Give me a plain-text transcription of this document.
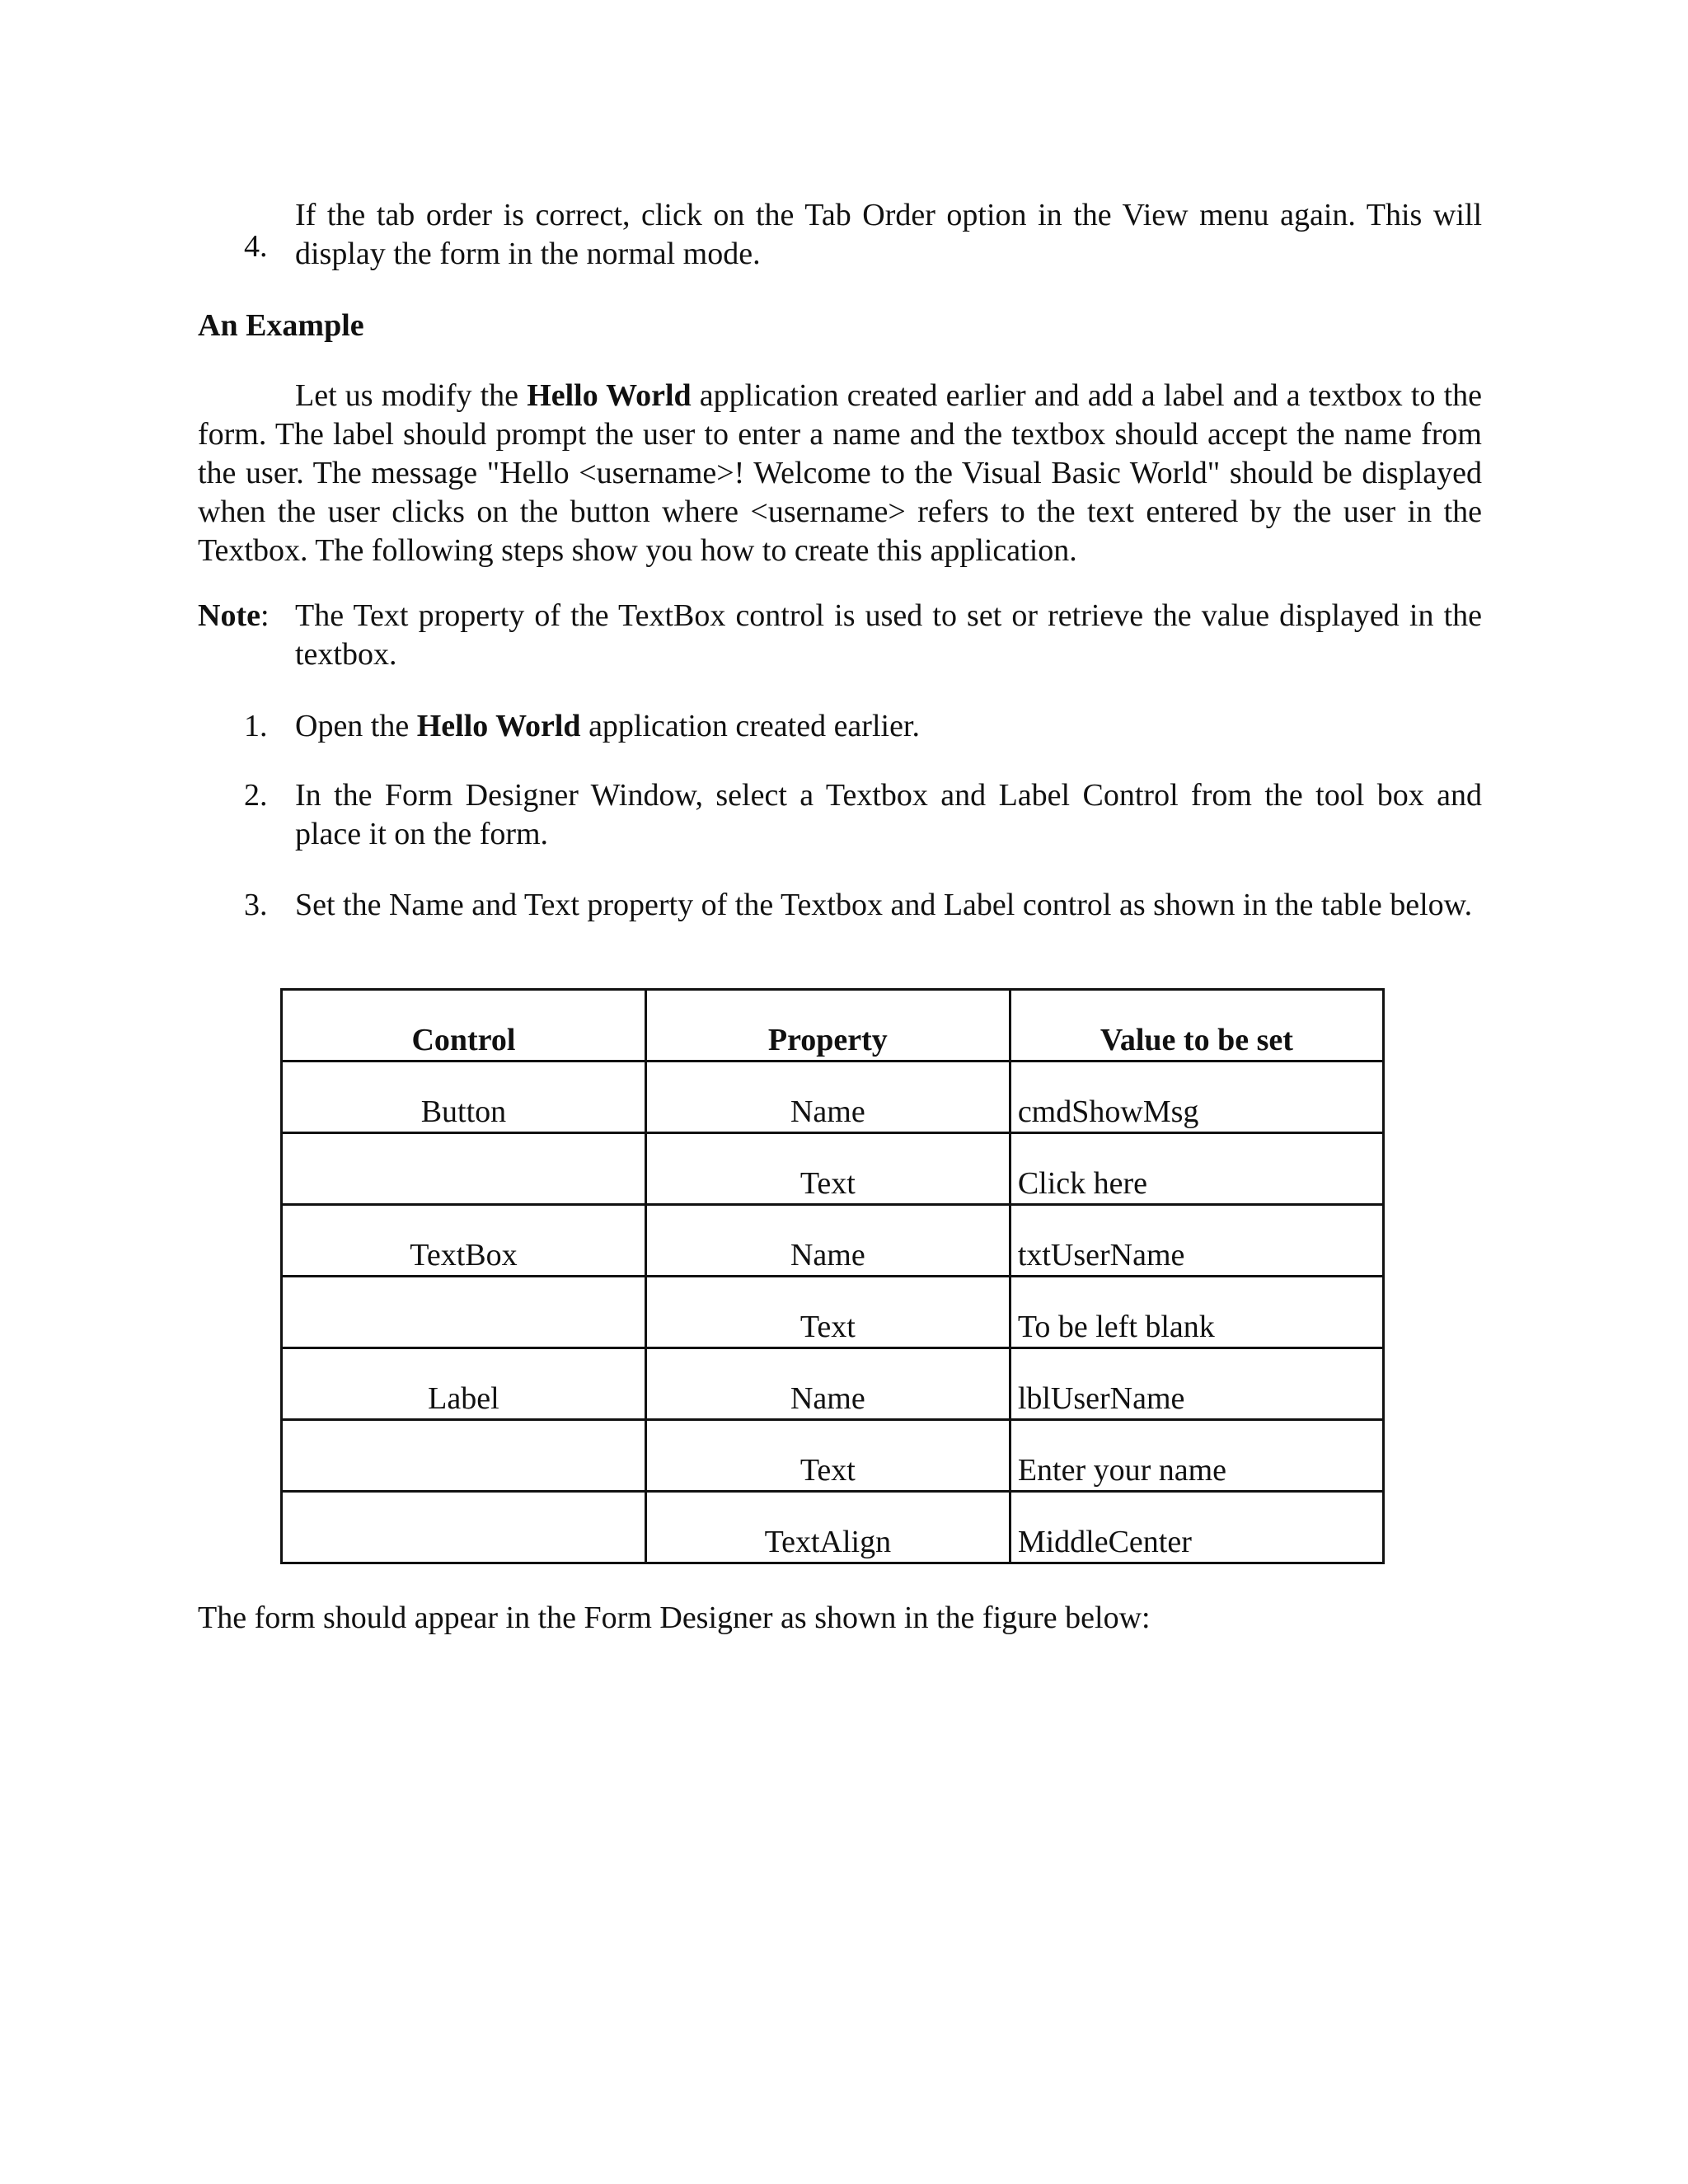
4.

If the tab order is correct, click on the Tab Order option in the View menu again. This will display the form in the normal mode.

An Example

Let us modify the Hello World application created earlier and add a label and a textbox to the form. The label should prompt the user to enter a name and the textbox should accept the name from the user. The message "Hello <username>! Welcome to the Visual Basic World" should be displayed when the user clicks on the button where <username> refers to the text entered by the user in the Textbox. The following steps show you how to create this application.

Note: The Text property of the TextBox control is used to set or retrieve the value displayed in the textbox.

1. Open the Hello World application created earlier.

2. In the Form Designer Window, select a Textbox and Label Control from the tool box and place it on the form.

3. Set the Name and Text property of the Textbox and Label control as shown in the table below.

Control	Property	Value to be set
Button	Name	cmdShowMsg
	Text	Click here
TextBox	Name	txtUserName
	Text	To be left blank
Label	Name	lblUserName
	Text	Enter your name
	TextAlign	MiddleCenter

The form should appear in the Form Designer as shown in the figure below:
